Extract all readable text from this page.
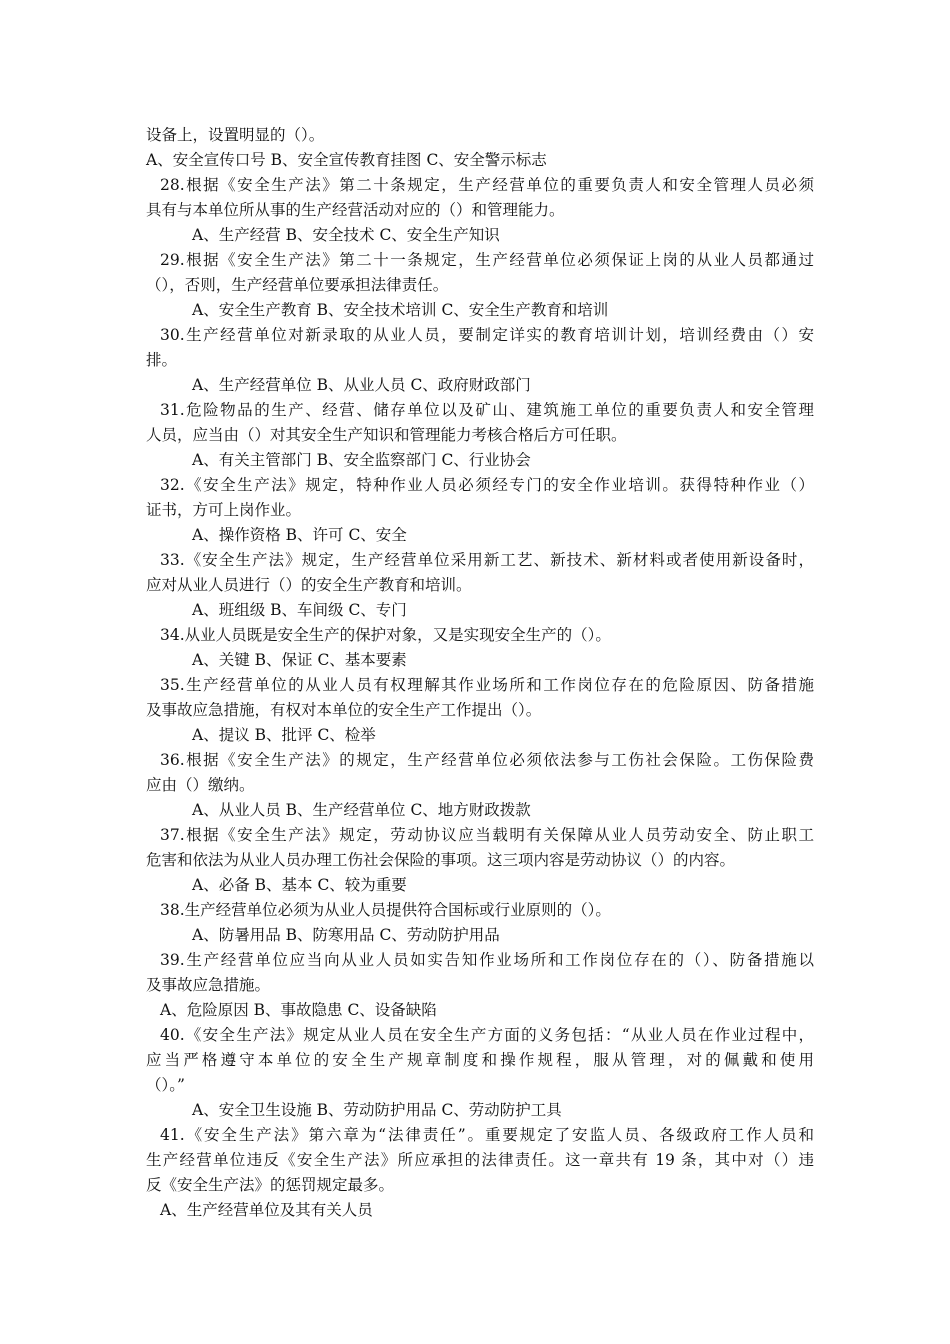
设备上，设置明显的（）。
A、安全宣传口号 B、安全宣传教育挂图 C、安全警示标志
28.根据《安全生产法》第二十条规定，生产经营单位的重要负责人和安全管理人员必须
具有与本单位所从事的生产经营活动对应的（）和管理能力。
A、生产经营 B、安全技术 C、安全生产知识
29.根据《安全生产法》第二十一条规定，生产经营单位必须保证上岗的从业人员都通过
（），否则，生产经营单位要承担法律责任。
A、安全生产教育 B、安全技术培训 C、安全生产教育和培训
30.生产经营单位对新录取的从业人员，要制定详实的教育培训计划，培训经费由（）安
排。
A、生产经营单位 B、从业人员 C、政府财政部门
31.危险物品的生产、经营、储存单位以及矿山、建筑施工单位的重要负责人和安全管理
人员，应当由（）对其安全生产知识和管理能力考核合格后方可任职。
A、有关主管部门 B、安全监察部门 C、行业协会
32.《安全生产法》规定，特种作业人员必须经专门的安全作业培训。获得特种作业（）
证书，方可上岗作业。
A、操作资格 B、许可 C、安全
33.《安全生产法》规定，生产经营单位采用新工艺、新技术、新材料或者使用新设备时，
应对从业人员进行（）的安全生产教育和培训。
A、班组级 B、车间级 C、专门
34.从业人员既是安全生产的保护对象，又是实现安全生产的（）。
A、关键 B、保证 C、基本要素
35.生产经营单位的从业人员有权理解其作业场所和工作岗位存在的危险原因、防备措施
及事故应急措施，有权对本单位的安全生产工作提出（）。
A、提议 B、批评 C、检举
36.根据《安全生产法》的规定，生产经营单位必须依法参与工伤社会保险。工伤保险费
应由（）缴纳。
A、从业人员 B、生产经营单位 C、地方财政拨款
37.根据《安全生产法》规定，劳动协议应当载明有关保障从业人员劳动安全、防止职工
危害和依法为从业人员办理工伤社会保险的事项。这三项内容是劳动协议（）的内容。
A、必备 B、基本 C、较为重要
38.生产经营单位必须为从业人员提供符合国标或行业原则的（）。
A、防暑用品 B、防寒用品 C、劳动防护用品
39.生产经营单位应当向从业人员如实告知作业场所和工作岗位存在的（）、防备措施以
及事故应急措施。
A、危险原因 B、事故隐患 C、设备缺陷
40.《安全生产法》规定从业人员在安全生产方面的义务包括：“从业人员在作业过程中，
应当严格遵守本单位的安全生产规章制度和操作规程，服从管理，对的佩戴和使用
（）。”
A、安全卫生设施 B、劳动防护用品 C、劳动防护工具
41.《安全生产法》第六章为“法律责任”。重要规定了安监人员、各级政府工作人员和
生产经营单位违反《安全生产法》所应承担的法律责任。这一章共有 19 条，其中对（）违
反《安全生产法》的惩罚规定最多。
A、生产经营单位及其有关人员
